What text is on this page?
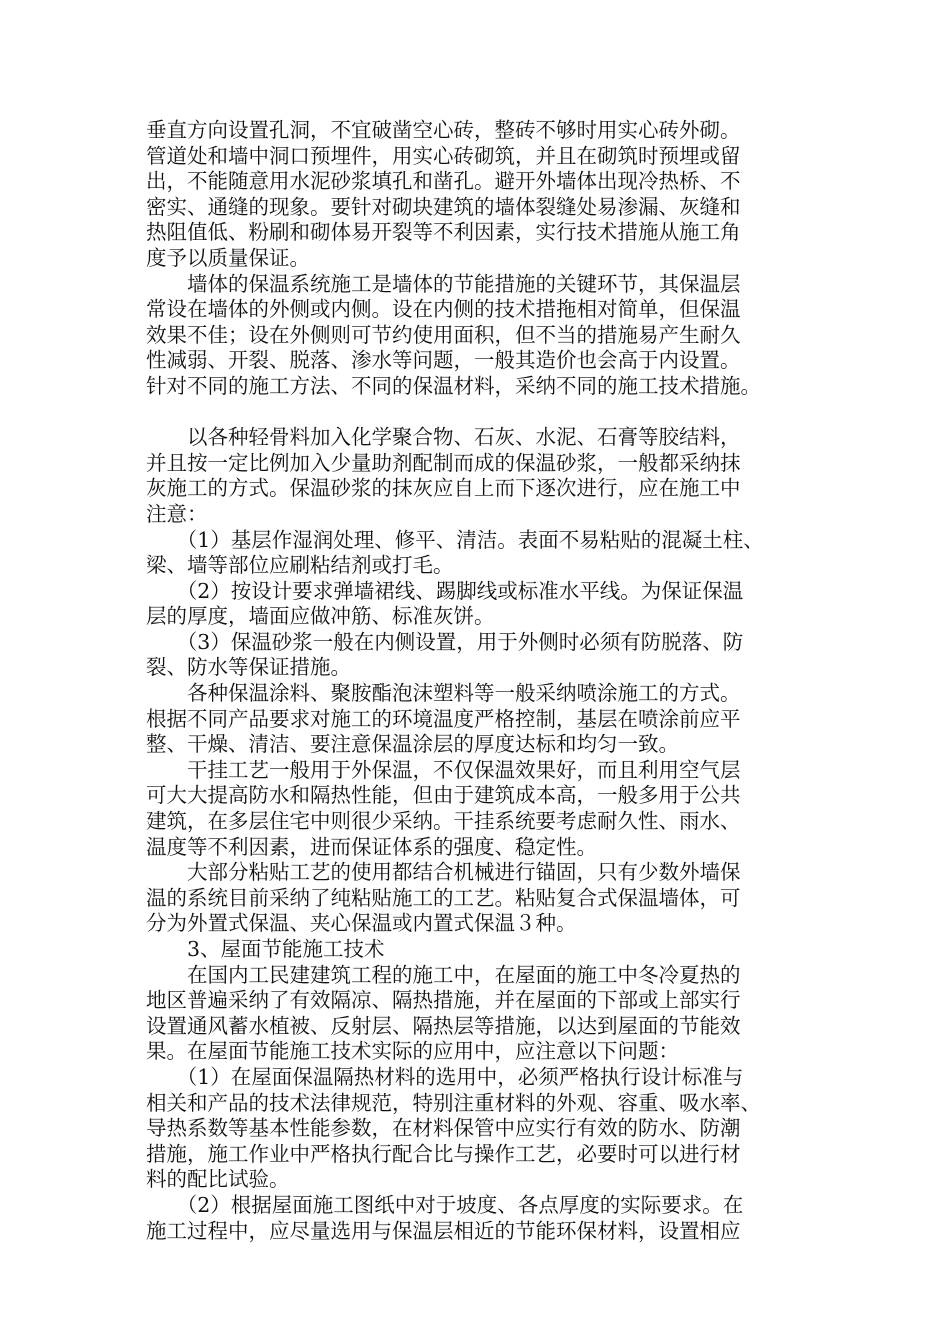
垂直方向设置孔洞，不宜破凿空心砖，整砖不够时用实心砖外砌。
管道处和墙中洞口预埋件，用实心砖砌筑，并且在砌筑时预埋或留
出，不能随意用水泥砂浆填孔和凿孔。避开外墙体出现冷热桥、不
密实、通缝的现象。要针对砌块建筑的墙体裂缝处易渗漏、灰缝和
热阻值低、粉刷和砌体易开裂等不利因素，实行技术措施从施工角
度予以质量保证。
　　墙体的保温系统施工是墙体的节能措施的关键环节，其保温层
常设在墙体的外侧或内侧。设在内侧的技术措拖相对简单，但保温
效果不佳；设在外侧则可节约使用面积，但不当的措施易产生耐久
性减弱、开裂、脱落、渗水等问题，一般其造价也会高于内设置。
针对不同的施工方法、不同的保温材料，采纳不同的施工技术措施。
　　以各种轻骨料加入化学聚合物、石灰、水泥、石膏等胶结料，
并且按一定比例加入少量助剂配制而成的保温砂浆，一般都采纳抹
灰施工的方式。保温砂浆的抹灰应自上而下逐次进行，应在施工中
注意：
　　（1）基层作湿润处理、修平、清洁。表面不易粘贴的混凝土柱、
梁、墙等部位应刷粘结剂或打毛。
　　（2）按设计要求弹墙裙线、踢脚线或标准水平线。为保证保温
层的厚度，墙面应做冲筋、标准灰饼。
　　（3）保温砂浆一般在内侧设置，用于外侧时必须有防脱落、防
裂、防水等保证措施。
　　各种保温涂料、聚胺酯泡沫塑料等一般采纳喷涂施工的方式。
根据不同产品要求对施工的环境温度严格控制，基层在喷涂前应平
整、干燥、清洁、要注意保温涂层的厚度达标和均匀一致。
　　干挂工艺一般用于外保温，不仅保温效果好，而且利用空气层
可大大提高防水和隔热性能，但由于建筑成本高，一般多用于公共
建筑，在多层住宅中则很少采纳。干挂系统要考虑耐久性、雨水、
温度等不利因素，进而保证体系的强度、稳定性。
　　大部分粘贴工艺的使用都结合机械进行锚固，只有少数外墙保
温的系统目前采纳了纯粘贴施工的工艺。粘贴复合式保温墙体，可
分为外置式保温、夹心保温或内置式保温３种。
　　3、屋面节能施工技术
　　在国内工民建建筑工程的施工中，在屋面的施工中冬冷夏热的
地区普遍采纳了有效隔凉、隔热措施，并在屋面的下部或上部实行
设置通风蓄水植被、反射层、隔热层等措施，以达到屋面的节能效
果。在屋面节能施工技术实际的应用中，应注意以下问题：
　　（1）在屋面保温隔热材料的选用中，必须严格执行设计标准与
相关和产品的技术法律规范，特别注重材料的外观、容重、吸水率、
导热系数等基本性能参数，在材料保管中应实行有效的防水、防潮
措施，施工作业中严格执行配合比与操作工艺，必要时可以进行材
料的配比试验。
　　（2）根据屋面施工图纸中对于坡度、各点厚度的实际要求。在
施工过程中，应尽量选用与保温层相近的节能环保材料，设置相应
